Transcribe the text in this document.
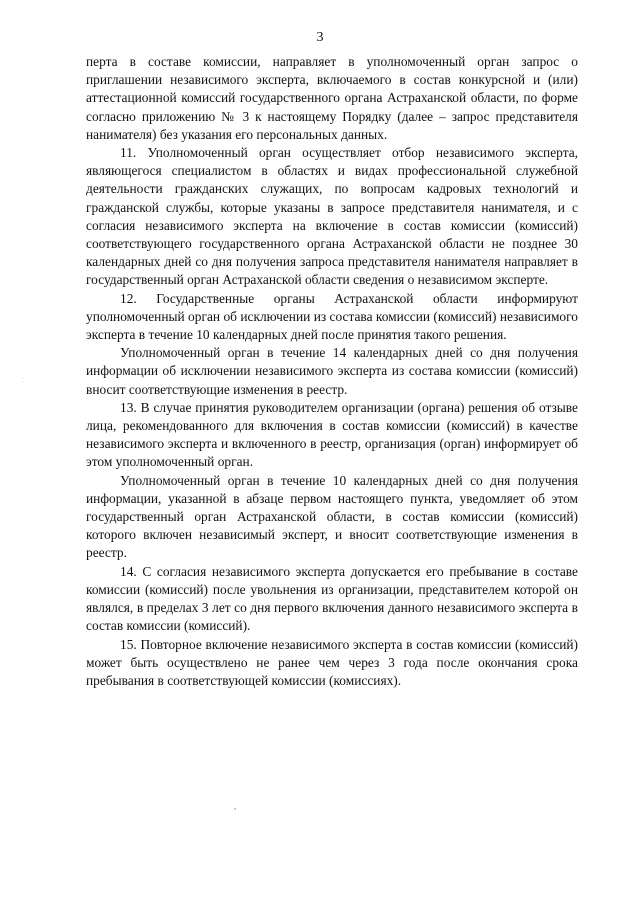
3
. .

перта в составе комиссии, направляет в уполномоченный орган запрос о приглашении независимого эксперта, включаемого в состав конкурсной и (или) аттестационной комиссий государственного органа Астраханской области, по форме согласно приложению № 3 к настоящему Порядку (далее – запрос представителя нанимателя) без указания его персональных данных.

11. Уполномоченный орган осуществляет отбор независимого эксперта, являющегося специалистом в областях и видах профессиональной служебной деятельности гражданских служащих, по вопросам кадровых технологий и гражданской службы, которые указаны в запросе представителя нанимателя, и с согласия независимого эксперта на включение в состав комиссии (комиссий) соответствующего государственного органа Астраханской области не позднее 30 календарных дней со дня получения запроса представителя нанимателя направляет в государственный орган Астраханской области сведения о независимом эксперте.

12. Государственные органы Астраханской области информируют уполномоченный орган об исключении из состава комиссии (комиссий) независимого эксперта в течение 10 календарных дней после принятия такого решения.

Уполномоченный орган в течение 14 календарных дней со дня получения информации об исключении независимого эксперта из состава комиссии (комиссий) вносит соответствующие изменения в реестр.

13. В случае принятия руководителем организации (органа) решения об отзыве лица, рекомендованного для включения в состав комиссии (комиссий) в качестве независимого эксперта и включенного в реестр, организация (орган) информирует об этом уполномоченный орган.

Уполномоченный орган в течение 10 календарных дней со дня получения информации, указанной в абзаце первом настоящего пункта, уведомляет об этом государственный орган Астраханской области, в состав комиссии (комиссий) которого включен независимый эксперт, и вносит соответствующие изменения в реестр.

14. С согласия независимого эксперта допускается его пребывание в составе комиссии (комиссий) после увольнения из организации, представителем которой он являлся, в пределах 3 лет со дня первого включения данного независимого эксперта в состав комиссии (комиссий).

15. Повторное включение независимого эксперта в состав комиссии (комиссий) может быть осуществлено не ранее чем через 3 года после окончания срока пребывания в соответствующей комиссии (комиссиях).
